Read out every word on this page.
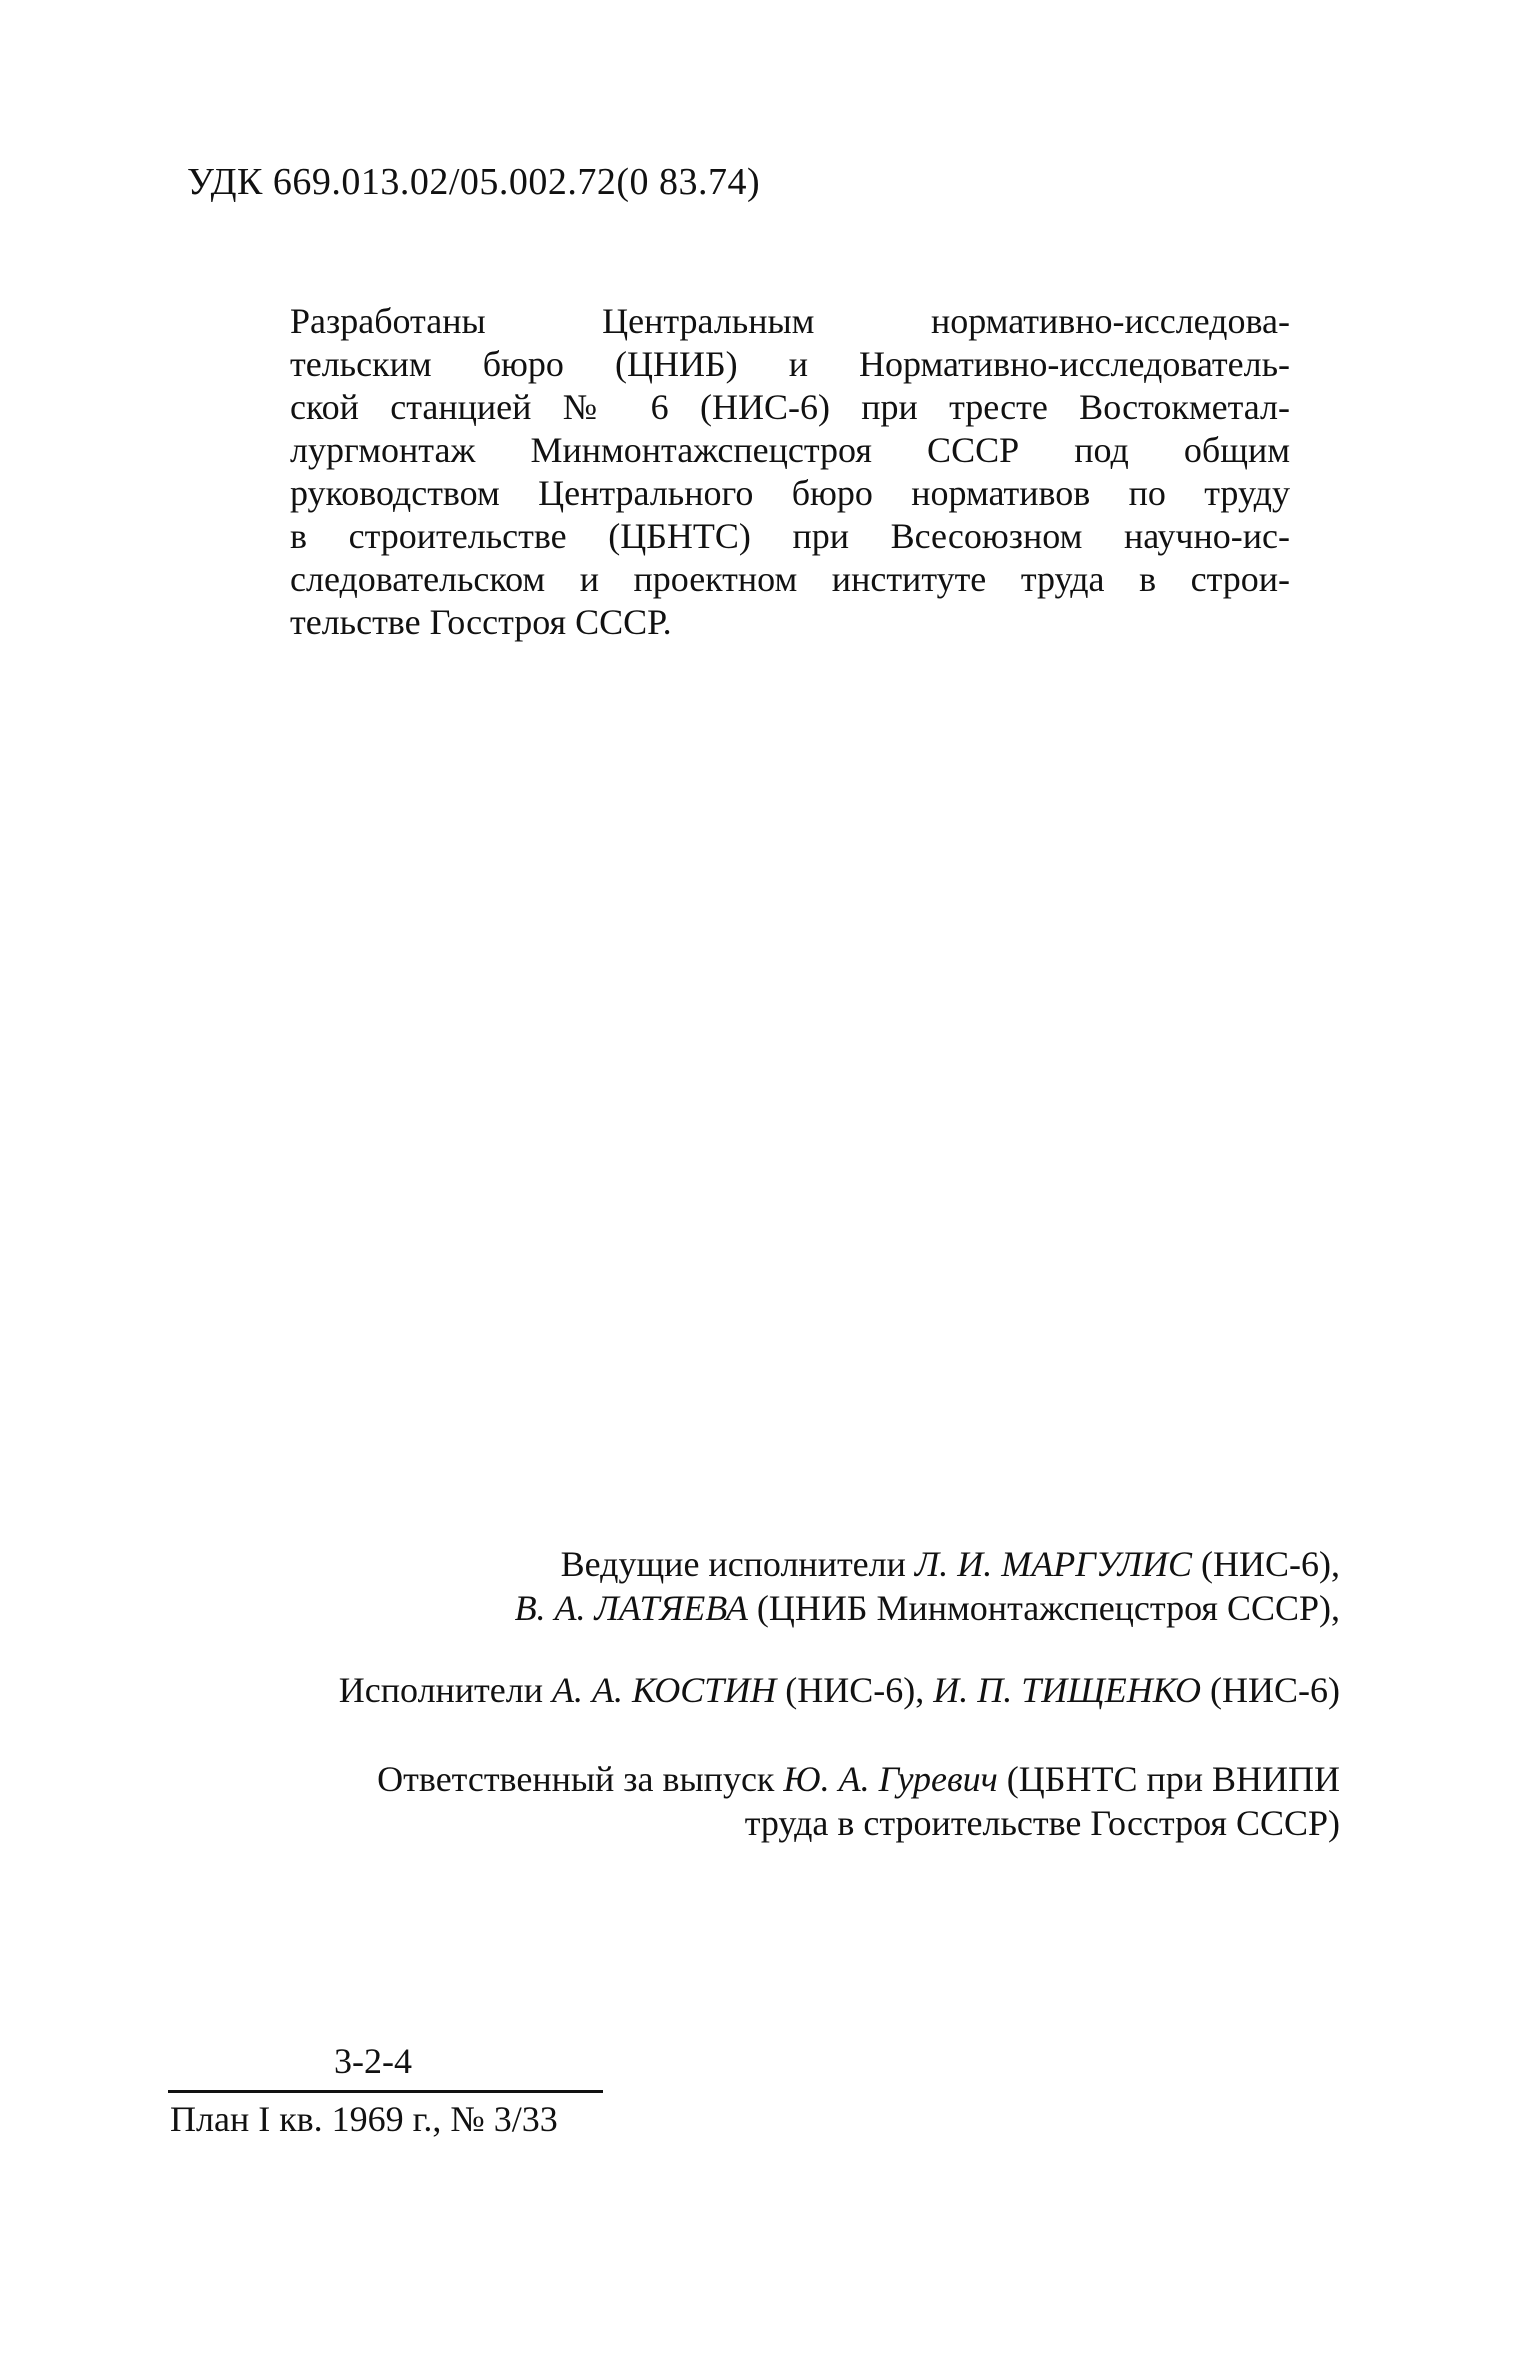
УДК 669.013.02/05.002.72(0 83.74)
Разработаны Центральным нормативно-исследова-
тельским бюро (ЦНИБ) и Нормативно-исследователь-
ской станцией № 6 (НИС-6) при тресте Востокметал-
лургмонтаж Минмонтажспецстроя СССР под общим
руководством Центрального бюро нормативов по труду
в строительстве (ЦБНТС) при Всесоюзном научно-ис-
следовательском и проектном институте труда в строи-
тельстве Госстроя СССР.
Ведущие исполнители Л. И. МАРГУЛИС (НИС-6),
В. А. ЛАТЯЕВА (ЦНИБ Минмонтажспецстроя СССР),
Исполнители А. А. КОСТИН (НИС-6), И. П. ТИЩЕНКО (НИС-6)
Ответственный за выпуск Ю. А. Гуревич (ЦБНТС при ВНИПИ
труда в строительстве Госстроя СССР)
3-2-4
План I кв. 1969 г., № 3/33
